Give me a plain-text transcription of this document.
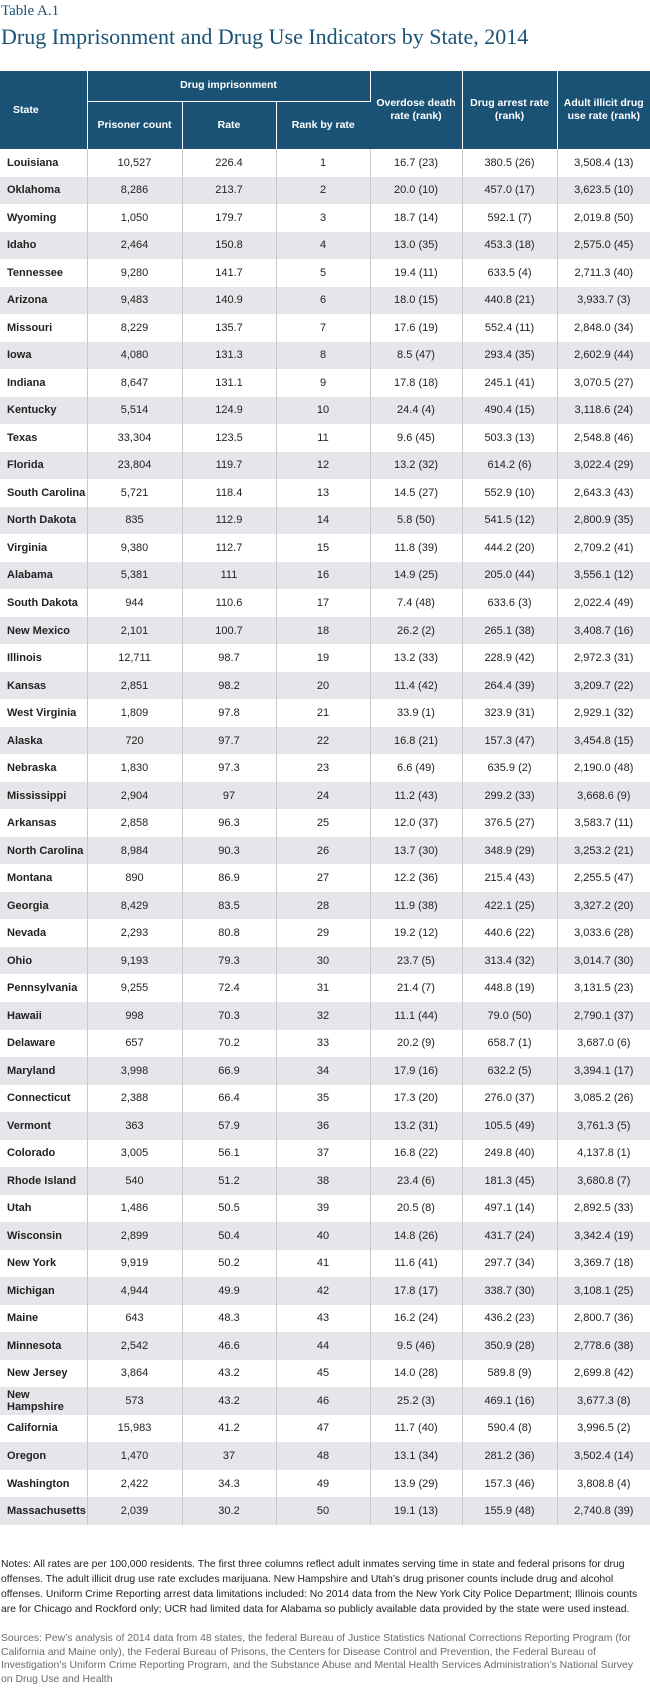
Table A.1
Drug Imprisonment and Drug Use Indicators by State, 2014
State	Drug imprisonment			Overdose death rate (rank)	Drug arrest rate (rank)	Adult illicit drug use rate (rank)
	Prisoner count	Rate	Rank by rate			
Louisiana	10,527	226.4	1	16.7 (23)	380.5 (26)	3,508.4 (13)
Oklahoma	8,286	213.7	2	20.0 (10)	457.0 (17)	3,623.5 (10)
Wyoming	1,050	179.7	3	18.7 (14)	592.1 (7)	2,019.8 (50)
Idaho	2,464	150.8	4	13.0 (35)	453.3 (18)	2,575.0 (45)
Tennessee	9,280	141.7	5	19.4 (11)	633.5 (4)	2,711.3 (40)
Arizona	9,483	140.9	6	18.0 (15)	440.8 (21)	3,933.7 (3)
Missouri	8,229	135.7	7	17.6 (19)	552.4 (11)	2,848.0 (34)
Iowa	4,080	131.3	8	8.5 (47)	293.4 (35)	2,602.9 (44)
Indiana	8,647	131.1	9	17.8 (18)	245.1 (41)	3,070.5 (27)
Kentucky	5,514	124.9	10	24.4 (4)	490.4 (15)	3,118.6 (24)
Texas	33,304	123.5	11	9.6 (45)	503.3 (13)	2,548.8 (46)
Florida	23,804	119.7	12	13.2 (32)	614.2 (6)	3,022.4 (29)
South Carolina	5,721	118.4	13	14.5 (27)	552.9 (10)	2,643.3 (43)
North Dakota	835	112.9	14	5.8 (50)	541.5 (12)	2,800.9 (35)
Virginia	9,380	112.7	15	11.8 (39)	444.2 (20)	2,709.2 (41)
Alabama	5,381	111	16	14.9 (25)	205.0 (44)	3,556.1 (12)
South Dakota	944	110.6	17	7.4 (48)	633.6 (3)	2,022.4 (49)
New Mexico	2,101	100.7	18	26.2 (2)	265.1 (38)	3,408.7 (16)
Illinois	12,711	98.7	19	13.2 (33)	228.9 (42)	2,972.3 (31)
Kansas	2,851	98.2	20	11.4 (42)	264.4 (39)	3,209.7 (22)
West Virginia	1,809	97.8	21	33.9 (1)	323.9 (31)	2,929.1 (32)
Alaska	720	97.7	22	16.8 (21)	157.3 (47)	3,454.8 (15)
Nebraska	1,830	97.3	23	6.6 (49)	635.9 (2)	2,190.0 (48)
Mississippi	2,904	97	24	11.2 (43)	299.2 (33)	3,668.6 (9)
Arkansas	2,858	96.3	25	12.0 (37)	376.5 (27)	3,583.7 (11)
North Carolina	8,984	90.3	26	13.7 (30)	348.9 (29)	3,253.2 (21)
Montana	890	86.9	27	12.2 (36)	215.4 (43)	2,255.5 (47)
Georgia	8,429	83.5	28	11.9 (38)	422.1 (25)	3,327.2 (20)
Nevada	2,293	80.8	29	19.2 (12)	440.6 (22)	3,033.6 (28)
Ohio	9,193	79.3	30	23.7 (5)	313.4 (32)	3,014.7 (30)
Pennsylvania	9,255	72.4	31	21.4 (7)	448.8 (19)	3,131.5 (23)
Hawaii	998	70.3	32	11.1 (44)	79.0 (50)	2,790.1 (37)
Delaware	657	70.2	33	20.2 (9)	658.7 (1)	3,687.0 (6)
Maryland	3,998	66.9	34	17.9 (16)	632.2 (5)	3,394.1 (17)
Connecticut	2,388	66.4	35	17.3 (20)	276.0 (37)	3,085.2 (26)
Vermont	363	57.9	36	13.2 (31)	105.5 (49)	3,761.3 (5)
Colorado	3,005	56.1	37	16.8 (22)	249.8 (40)	4,137.8 (1)
Rhode Island	540	51.2	38	23.4 (6)	181.3 (45)	3,680.8 (7)
Utah	1,486	50.5	39	20.5 (8)	497.1 (14)	2,892.5 (33)
Wisconsin	2,899	50.4	40	14.8 (26)	431.7 (24)	3,342.4 (19)
New York	9,919	50.2	41	11.6 (41)	297.7 (34)	3,369.7 (18)
Michigan	4,944	49.9	42	17.8 (17)	338.7 (30)	3,108.1 (25)
Maine	643	48.3	43	16.2 (24)	436.2 (23)	2,800.7 (36)
Minnesota	2,542	46.6	44	9.5 (46)	350.9 (28)	2,778.6 (38)
New Jersey	3,864	43.2	45	14.0 (28)	589.8 (9)	2,699.8 (42)
New Hampshire	573	43.2	46	25.2 (3)	469.1 (16)	3,677.3 (8)
California	15,983	41.2	47	11.7 (40)	590.4 (8)	3,996.5 (2)
Oregon	1,470	37	48	13.1 (34)	281.2 (36)	3,502.4 (14)
Washington	2,422	34.3	49	13.9 (29)	157.3 (46)	3,808.8 (4)
Massachusetts	2,039	30.2	50	19.1 (13)	155.9 (48)	2,740.8 (39)
Notes: All rates are per 100,000 residents. The first three columns reflect adult inmates serving time in state and federal prisons for drug offenses. The adult illicit drug use rate excludes marijuana. New Hampshire and Utah’s drug prisoner counts include drug and alcohol offenses. Uniform Crime Reporting arrest data limitations included: No 2014 data from the New York City Police Department; Illinois counts are for Chicago and Rockford only; UCR had limited data for Alabama so publicly available data provided by the state were used instead.
Sources: Pew’s analysis of 2014 data from 48 states, the federal Bureau of Justice Statistics National Corrections Reporting Program (for California and Maine only), the Federal Bureau of Prisons, the Centers for Disease Control and Prevention, the Federal Bureau of Investigation’s Uniform Crime Reporting Program, and the Substance Abuse and Mental Health Services Administration’s National Survey on Drug Use and Health
